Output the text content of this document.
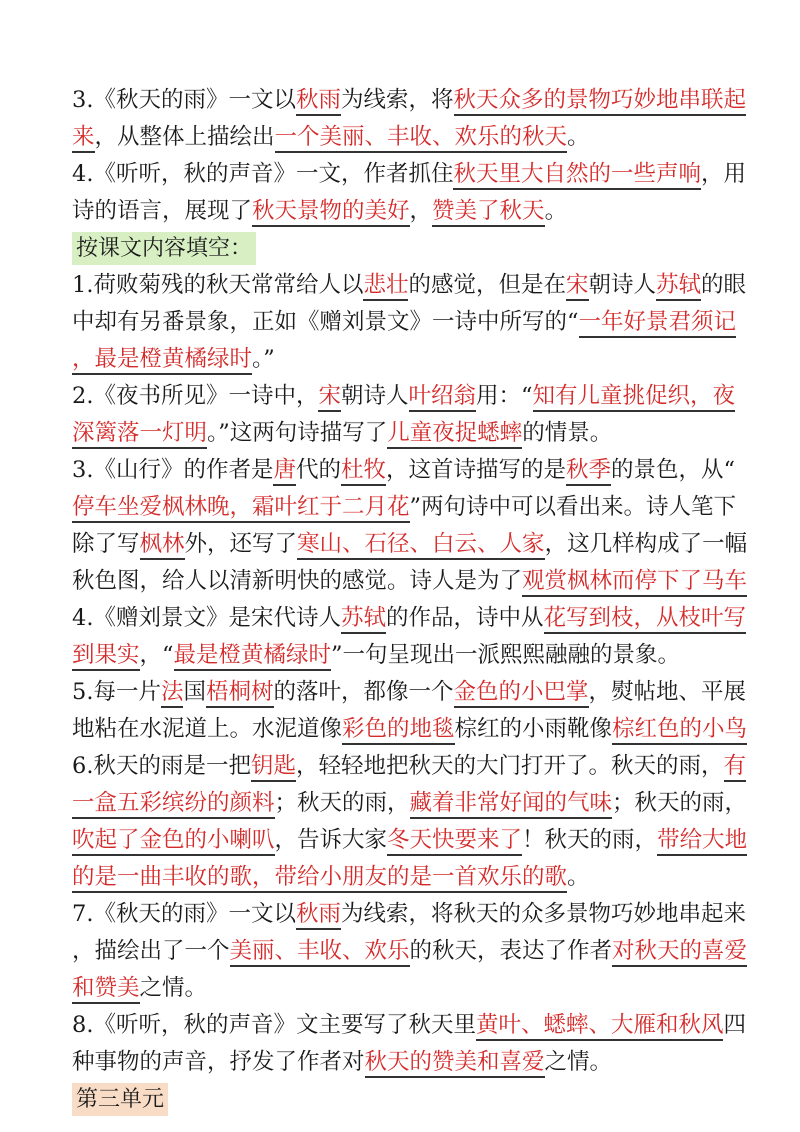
3.《秋天的雨》一文以秋雨为线索，将秋天众多的景物巧妙地串联起
来，从整体上描绘出一个美丽、丰收、欢乐的秋天。
4.《听听，秋的声音》一文，作者抓住秋天里大自然的一些声响，用
诗的语言，展现了秋天景物的美好，赞美了秋天。
按课文内容填空：
1.荷败菊残的秋天常常给人以悲壮的感觉，但是在宋朝诗人苏轼的眼
中却有另番景象，正如《赠刘景文》一诗中所写的“一年好景君须记
，最是橙黄橘绿时。”
2.《夜书所见》一诗中，宋朝诗人叶绍翁用：“知有儿童挑促织，夜
深篱落一灯明。”这两句诗描写了儿童夜捉蟋蟀的情景。
3.《山行》的作者是唐代的杜牧，这首诗描写的是秋季的景色，从“
停车坐爱枫林晚，霜叶红于二月花”两句诗中可以看出来。诗人笔下
除了写枫林外，还写了寒山、石径、白云、人家，这几样构成了一幅
秋色图，给人以清新明快的感觉。诗人是为了观赏枫林而停下了马车
4.《赠刘景文》是宋代诗人苏轼的作品，诗中从花写到枝，从枝叶写
到果实，“最是橙黄橘绿时”一句呈现出一派熙熙融融的景象。
5.每一片法国梧桐树的落叶，都像一个金色的小巴掌，熨帖地、平展
地粘在水泥道上。水泥道像彩色的地毯棕红的小雨靴像棕红色的小鸟
6.秋天的雨是一把钥匙，轻轻地把秋天的大门打开了。秋天的雨，有
一盒五彩缤纷的颜料；秋天的雨，藏着非常好闻的气味；秋天的雨，
吹起了金色的小喇叭，告诉大家冬天快要来了！秋天的雨，带给大地
的是一曲丰收的歌，带给小朋友的是一首欢乐的歌。
7.《秋天的雨》一文以秋雨为线索，将秋天的众多景物巧妙地串起来
，描绘出了一个美丽、丰收、欢乐的秋天，表达了作者对秋天的喜爱
和赞美之情。
8.《听听，秋的声音》文主要写了秋天里黄叶、蟋蟀、大雁和秋风四
种事物的声音，抒发了作者对秋天的赞美和喜爱之情。
第三单元
